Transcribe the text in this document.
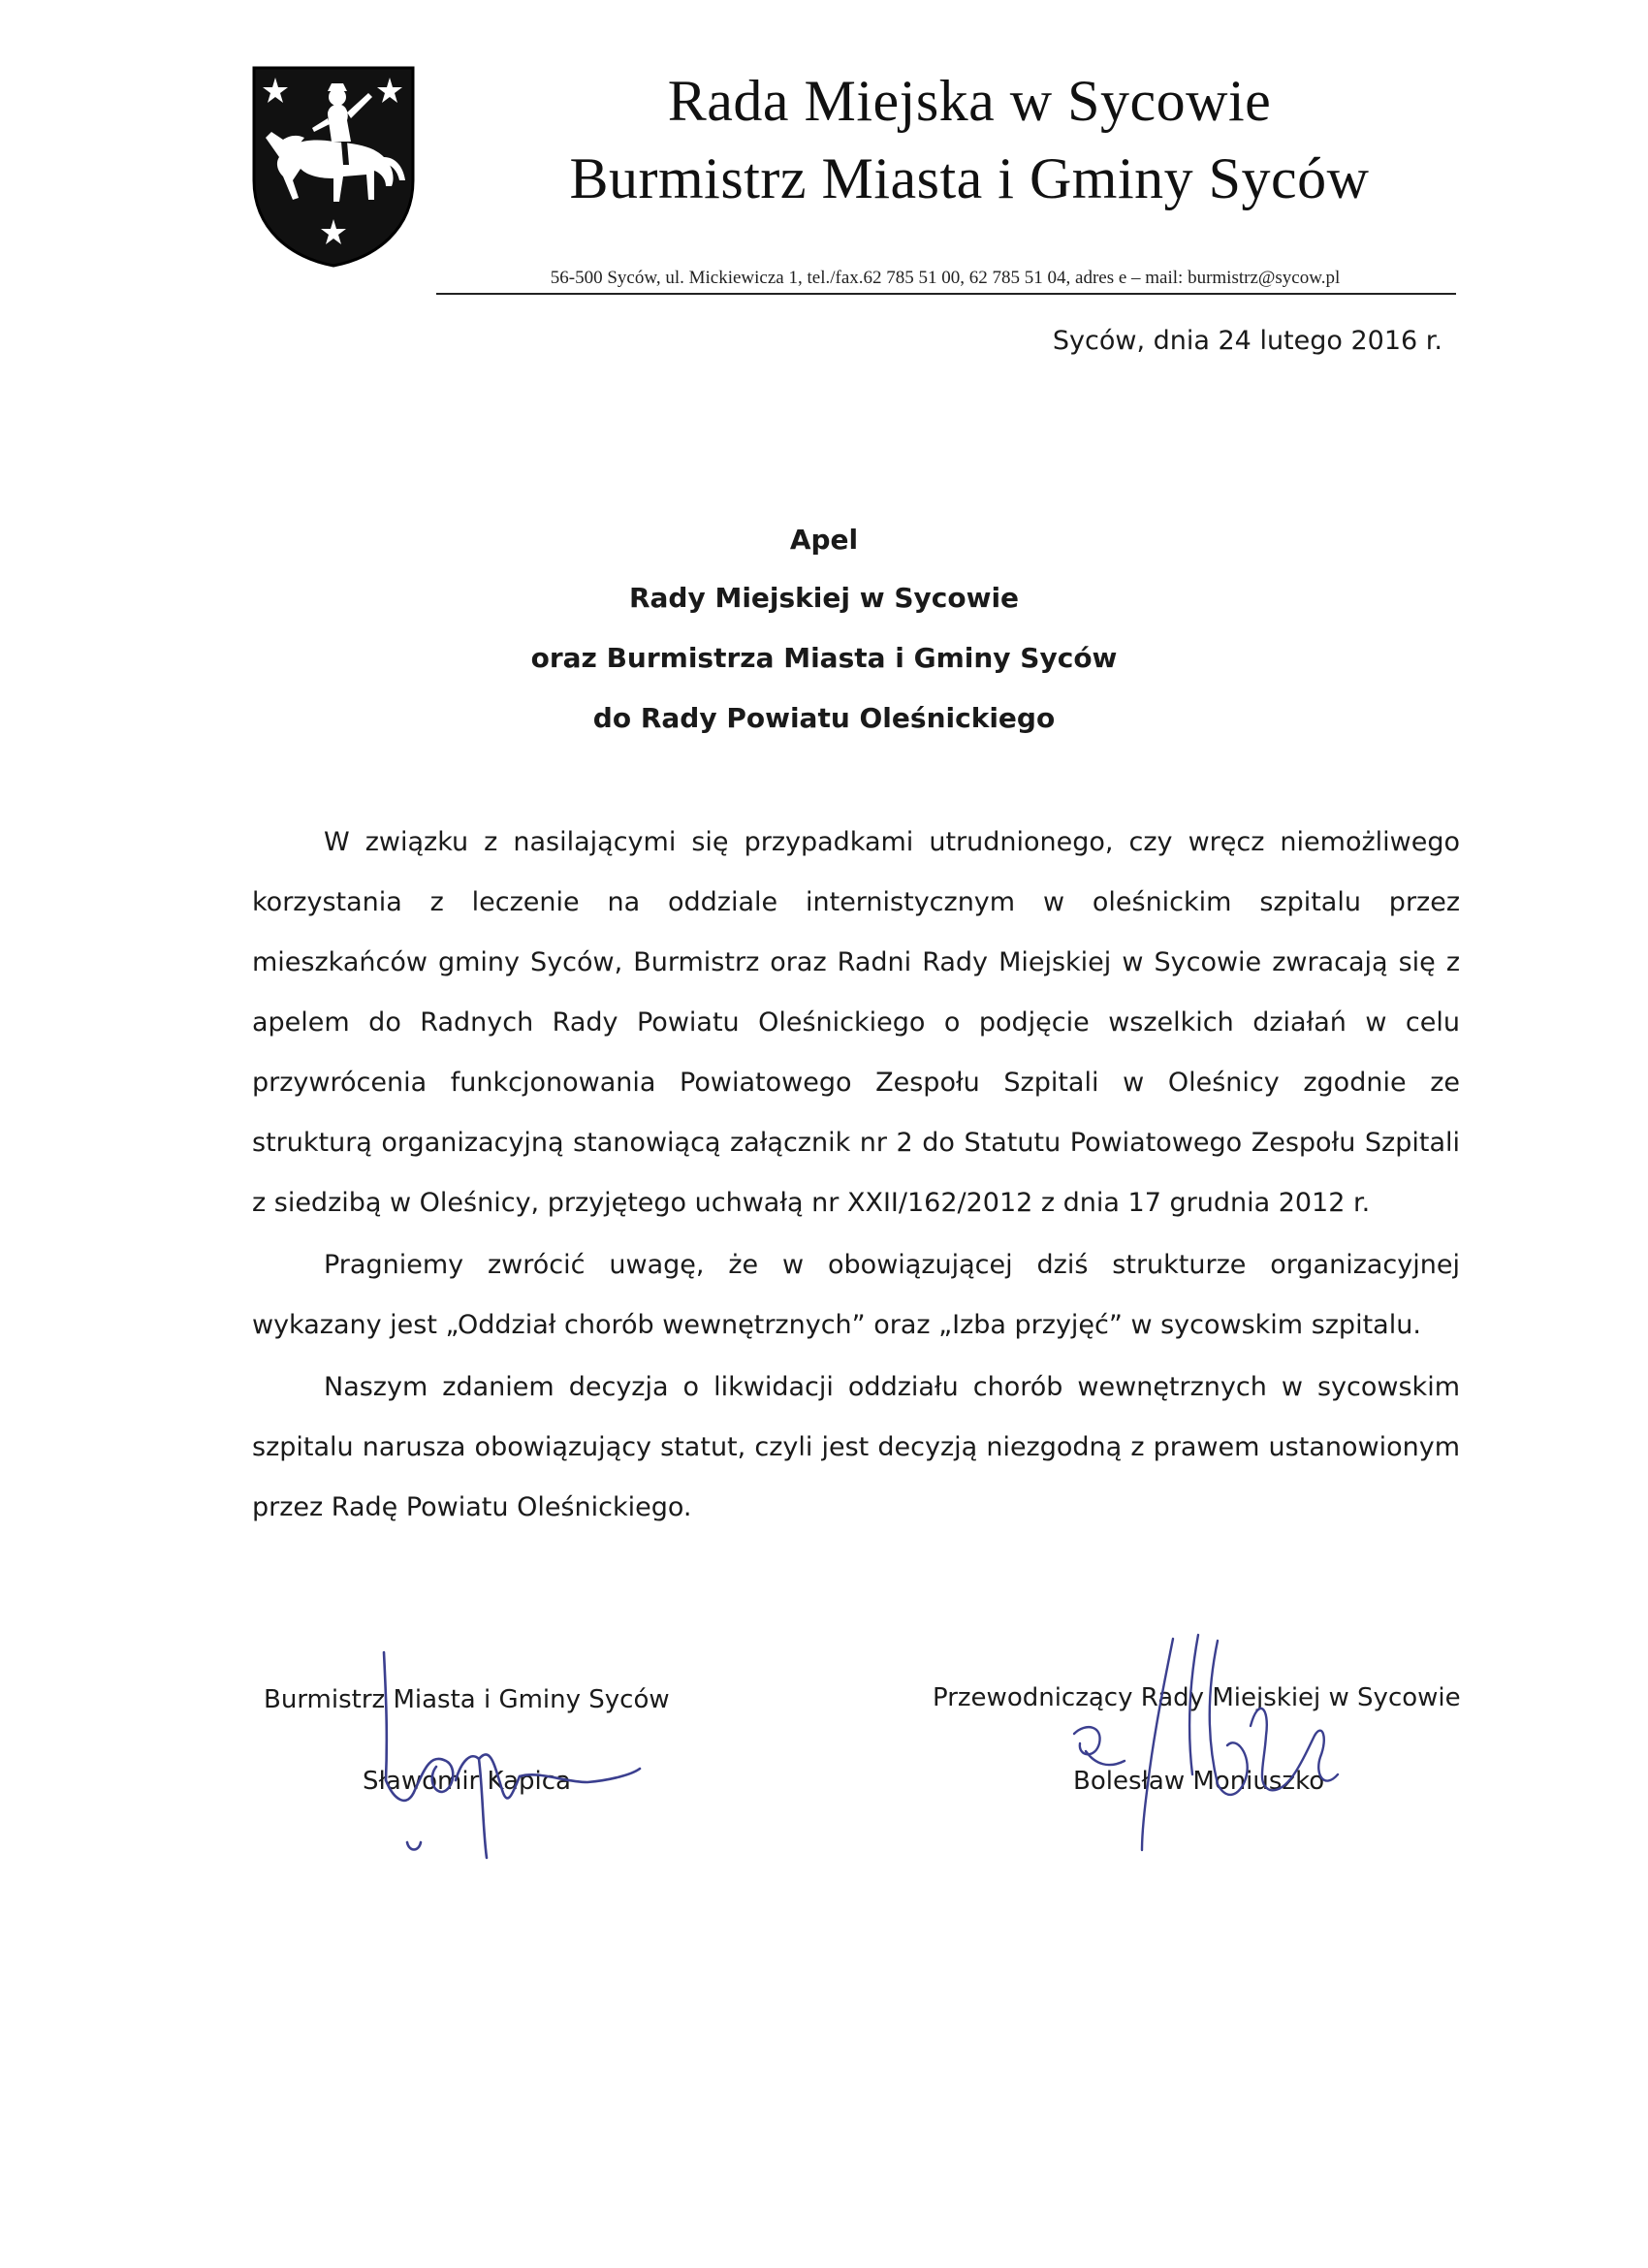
Rada Miejska w Sycowie
Burmistrz Miasta i Gminy Syców
56-500 Syców, ul. Mickiewicza 1, tel./fax.62 785 51 00, 62 785 51 04, adres e – mail: burmistrz@sycow.pl
Syców, dnia 24 lutego 2016 r.
Apel
Rady Miejskiej w Sycowie
oraz Burmistrza Miasta i Gminy Syców
do Rady Powiatu Oleśnickiego

W związku z nasilającymi się przypadkami utrudnionego, czy wręcz niemożliwego korzystania z leczenie na oddziale internistycznym w oleśnickim szpitalu przez mieszkańców gminy Syców, Burmistrz oraz Radni Rady Miejskiej w Sycowie zwracają się z apelem do Radnych Rady Powiatu Oleśnickiego o podjęcie wszelkich działań w celu przywrócenia funkcjonowania Powiatowego Zespołu Szpitali w Oleśnicy zgodnie ze strukturą organizacyjną stanowiącą załącznik nr 2 do Statutu Powiatowego Zespołu Szpitali z siedzibą w Oleśnicy, przyjętego uchwałą nr XXII/162/2012 z dnia 17 grudnia 2012 r.

Pragniemy zwrócić uwagę, że w obowiązującej dziś strukturze organizacyjnej wykazany jest „Oddział chorób wewnętrznych” oraz „Izba przyjęć” w sycowskim szpitalu.

Naszym zdaniem decyzja o likwidacji oddziału chorób wewnętrznych w sycowskim szpitalu narusza obowiązujący statut, czyli jest decyzją niezgodną z prawem ustanowionym przez Radę Powiatu Oleśnickiego.

Burmistrz Miasta i Gminy Syców
Sławomir Kapica
Przewodniczący Rady Miejskiej w Sycowie
Bolesław Moniuszko
